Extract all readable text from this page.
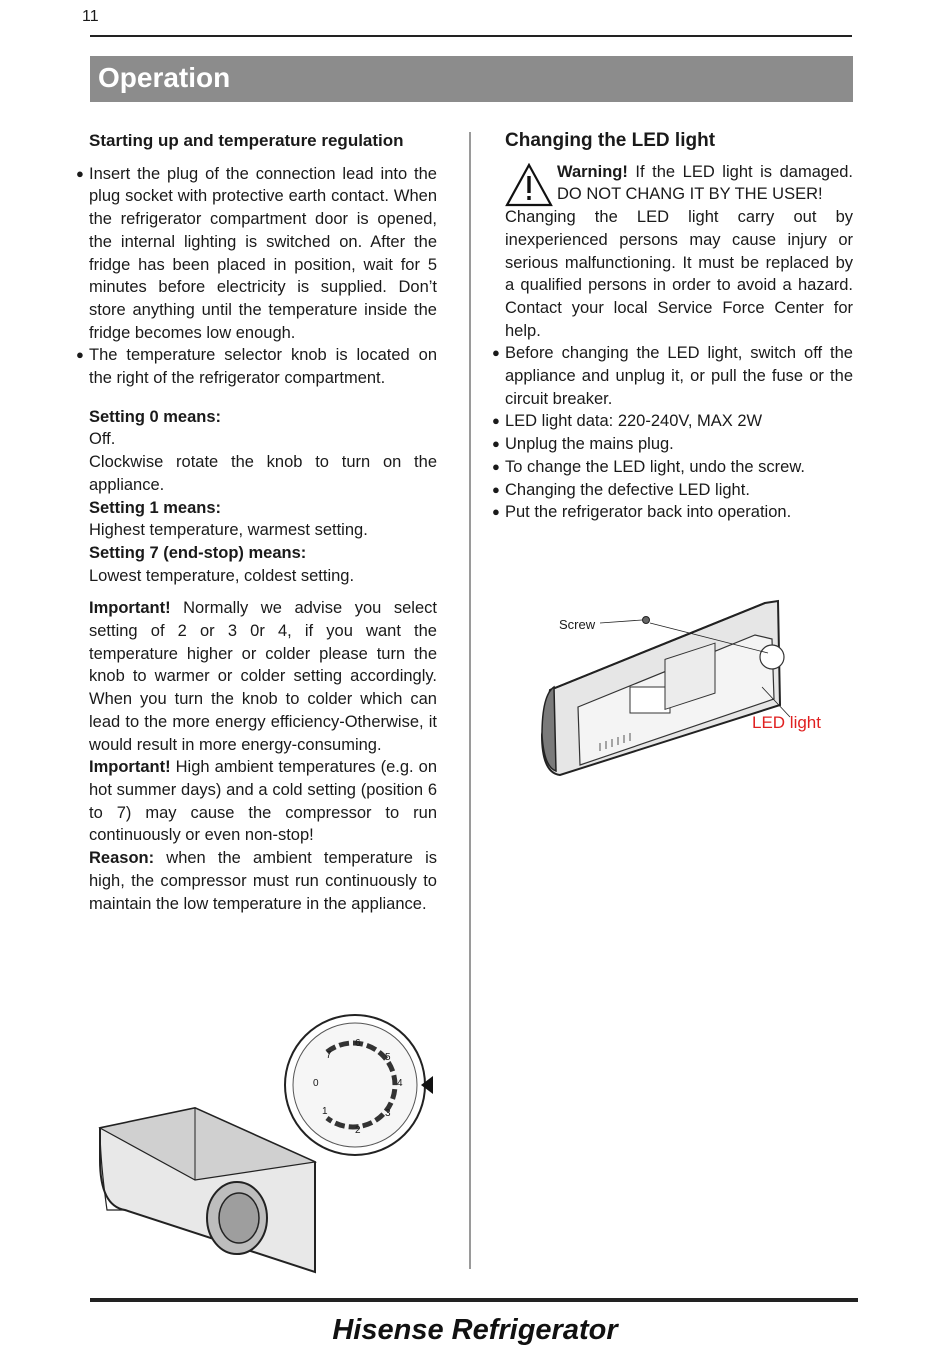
11
Operation

Starting up and temperature regulation

● Insert the plug of the connection lead into the plug socket with protective earth contact. When the refrigerator compartment door is opened, the internal lighting is switched on. After the fridge has been placed in position, wait for 5 minutes before electricity is supplied. Don’t store anything until the temperature inside the fridge becomes low enough.

● The temperature selector knob is located on the right of the refrigerator compartment.

Setting 0 means:

Off.

Clockwise rotate the knob to turn on the appliance.

Setting 1 means:

Highest temperature, warmest setting.

Setting 7 (end-stop) means:

Lowest temperature, coldest setting.

Important! Normally we advise you select setting of 2 or 3 0r 4, if you want the temperature higher or colder please turn the knob to warmer or colder setting accordingly. When you turn the knob to colder which can lead to the more energy efficiency-Otherwise, it would result in more energy-consuming.

Important! High ambient temperatures (e.g. on hot summer days) and a cold setting (position 6 to 7) may cause the compressor to run continuously or even non-stop!

Reason: when the ambient temperature is high, the compressor must run continuously to maintain the low temperature in the appliance.

Changing the LED light

Warning! If the LED light is damaged. DO NOT CHANG IT BY THE USER!

Changing the LED light carry out by inexperienced persons may cause injury or serious malfunctioning. It must be replaced by a qualified persons in order to avoid a hazard. Contact your local Service Force Center for help.

● Before changing the LED light, switch off the appliance and unplug it, or pull the fuse or the circuit breaker.

● LED light data: 220-240V, MAX 2W

● Unplug the mains plug.

● To change the LED light, undo the screw.

● Changing the defective LED light.

● Put the refrigerator back into operation.

Screw
LED light
0
1
2
3
4
5
6
7
Hisense Refrigerator
